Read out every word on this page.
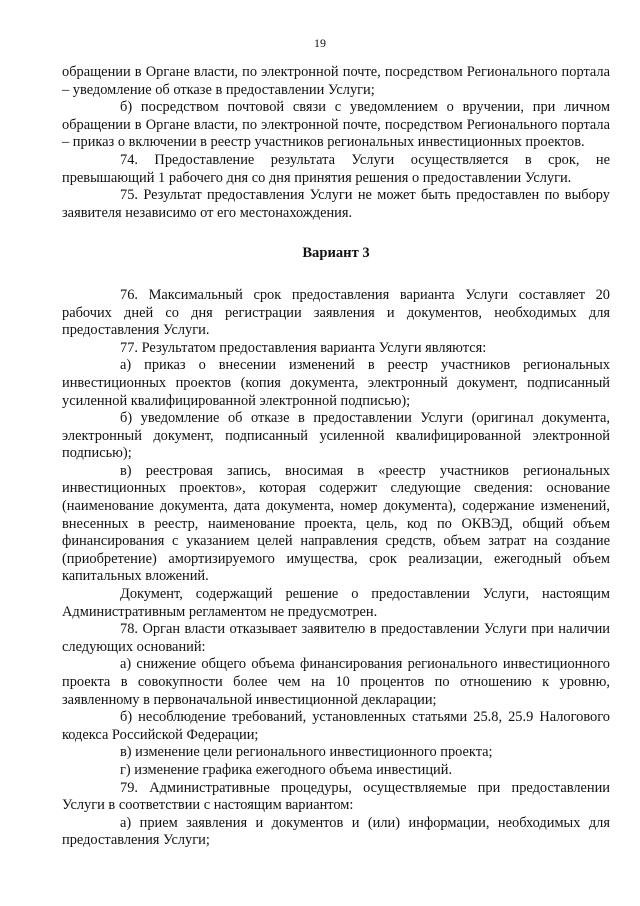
19

обращении в Органе власти, по электронной почте, посредством Регионального портала – уведомление об отказе в предоставлении Услуги;

б) посредством почтовой связи с уведомлением о вручении, при личном обращении в Органе власти, по электронной почте, посредством Регионального портала – приказ о включении в реестр участников региональных инвестиционных проектов.

74. Предоставление результата Услуги осуществляется в срок, не превышающий 1 рабочего дня со дня принятия решения о предоставлении Услуги.

75. Результат предоставления Услуги не может быть предоставлен по выбору заявителя независимо от его местонахождения.

Вариант 3

76. Максимальный срок предоставления варианта Услуги составляет 20 рабочих дней со дня регистрации заявления и документов, необходимых для предоставления Услуги.

77. Результатом предоставления варианта Услуги являются:

а) приказ о внесении изменений в реестр участников региональных инвестиционных проектов (копия документа, электронный документ, подписанный усиленной квалифицированной электронной подписью);

б) уведомление об отказе в предоставлении Услуги (оригинал документа, электронный документ, подписанный усиленной квалифицированной электронной подписью);

в) реестровая запись, вносимая в «реестр участников региональных инвестиционных проектов», которая содержит следующие сведения: основание (наименование документа, дата документа, номер документа), содержание изменений, внесенных в реестр, наименование проекта, цель, код по ОКВЭД, общий объем финансирования с указанием целей направления средств, объем затрат на создание (приобретение) амортизируемого имущества, срок реализации, ежегодный объем капитальных вложений.

Документ, содержащий решение о предоставлении Услуги, настоящим Административным регламентом не предусмотрен.

78. Орган власти отказывает заявителю в предоставлении Услуги при наличии следующих оснований:

а) снижение общего объема финансирования регионального инвестиционного проекта в совокупности более чем на 10 процентов по отношению к уровню, заявленному в первоначальной инвестиционной декларации;

б) несоблюдение требований, установленных статьями 25.8, 25.9 Налогового кодекса Российской Федерации;

в) изменение цели регионального инвестиционного проекта;

г) изменение графика ежегодного объема инвестиций.

79. Административные процедуры, осуществляемые при предоставлении Услуги в соответствии с настоящим вариантом:

а) прием заявления и документов и (или) информации, необходимых для предоставления Услуги;
